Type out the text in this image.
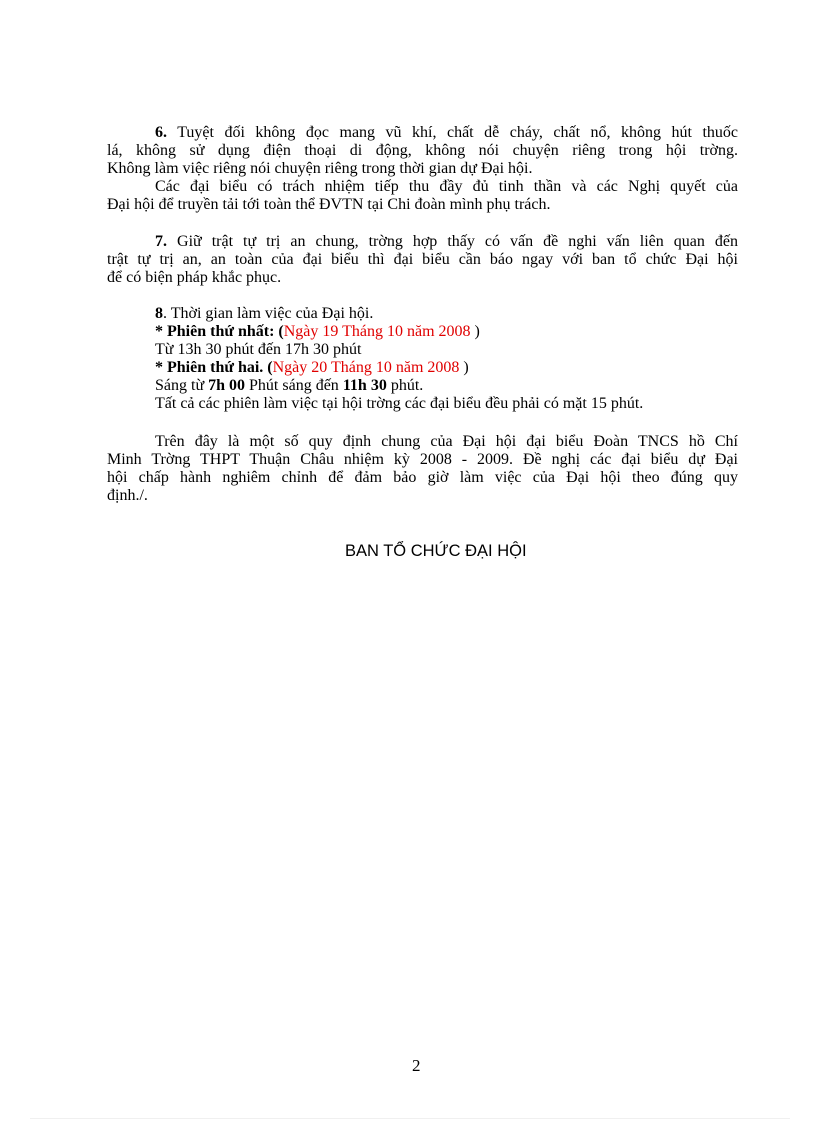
6. Tuyệt đối không đọc mang vũ khí, chất dễ cháy, chất nổ, không hút thuốc
lá, không sử dụng điện thoại di động, không nói chuyện riêng trong hội trờng.
Không làm việc riêng nói chuyện riêng trong thời gian dự Đại hội.
Các đại biểu có trách nhiệm tiếp thu đầy đủ tinh thần và các Nghị quyết của
Đại hội để truyền tải tới toàn thể ĐVTN tại Chi đoàn mình phụ trách.
7. Giữ trật tự trị an chung, trờng hợp thấy có vấn đề nghi vấn liên quan đến
trật tự trị an, an toàn của đại biểu thì đại biểu cần báo ngay với ban tổ chức Đại hội
để có biện pháp khắc phục.
8. Thời gian làm việc của Đại hội.
* Phiên thứ nhất: (Ngày 19 Tháng 10 năm 2008 )
Từ 13h 30 phút đến 17h 30 phút
* Phiên thứ hai. (Ngày 20 Tháng 10 năm 2008 )
Sáng từ 7h 00 Phút sáng đến 11h 30 phút.
Tất cả các phiên làm việc tại hội trờng các đại biểu đều phải có mặt 15 phút.
Trên đây là một số quy định chung của Đại hội đại biểu Đoàn TNCS hồ Chí
Minh Trờng THPT Thuận Châu nhiệm kỳ 2008 - 2009. Đề nghị các đại biểu dự Đại
hội chấp hành nghiêm chỉnh để đảm bảo giờ làm việc của Đại hội theo đúng quy
định./.
BAN TỔ CHỨC ĐẠI HỘI
2
